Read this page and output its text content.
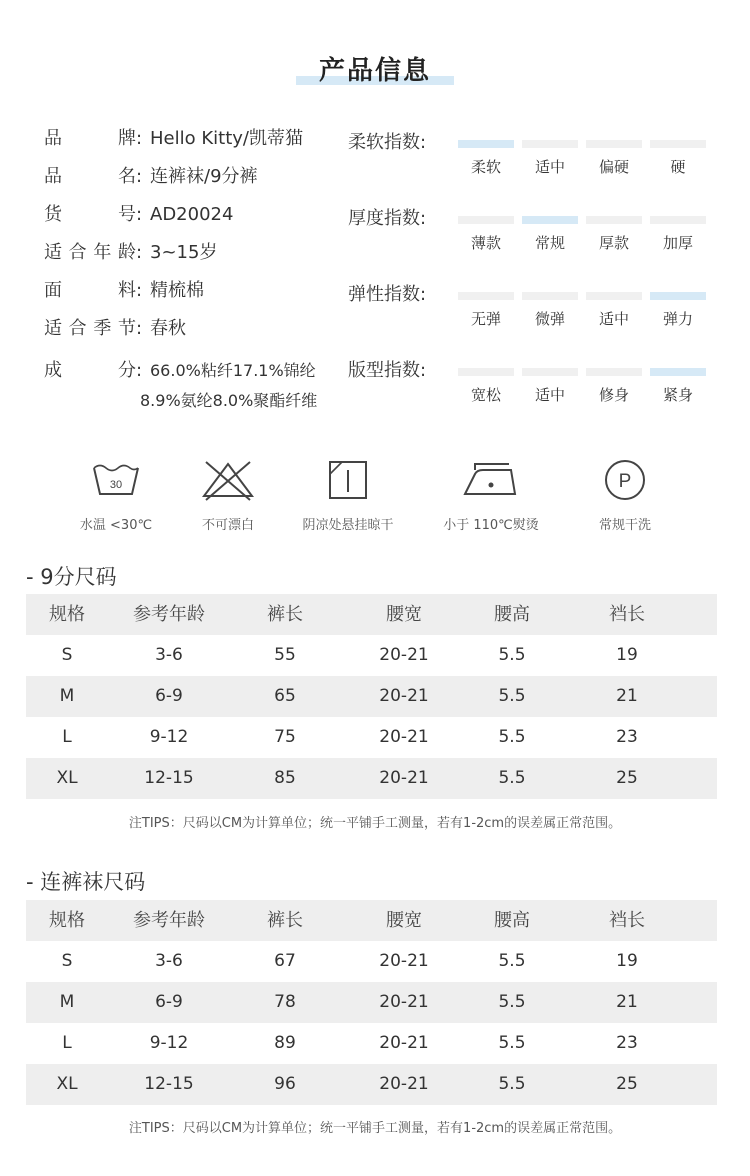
产品信息
品牌: Hello Kitty/凯蒂猫
品名: 连裤袜/9分裤
货号: AD20024
适合年龄: 3~15岁
面料: 精梳棉
适合季节: 春秋
成分: 66.0%粘纤17.1%锦纶
8.9%氨纶8.0%聚酯纤维
柔软指数:
柔软	适中	偏硬	硬
厚度指数:
薄款	常规	厚款	加厚
弹性指数:
无弹	微弹	适中	弹力
版型指数:
宽松	适中	修身	紧身
30
水温 <30℃	不可漂白	阴凉处悬挂晾干	小于 110℃熨烫
P
常规干洗
- 9分尺码
规格	参考年龄	裤长	腰宽	腰高	裆长
S	3-6	55	20-21	5.5	19
M	6-9	65	20-21	5.5	21
L	9-12	75	20-21	5.5	23
XL	12-15	85	20-21	5.5	25
注TIPS：尺码以CM为计算单位；统一平铺手工测量，若有1-2cm的误差属正常范围。
- 连裤袜尺码
规格	参考年龄	裤长	腰宽	腰高	裆长
S	3-6	67	20-21	5.5	19
M	6-9	78	20-21	5.5	21
L	9-12	89	20-21	5.5	23
XL	12-15	96	20-21	5.5	25
注TIPS：尺码以CM为计算单位；统一平铺手工测量，若有1-2cm的误差属正常范围。
